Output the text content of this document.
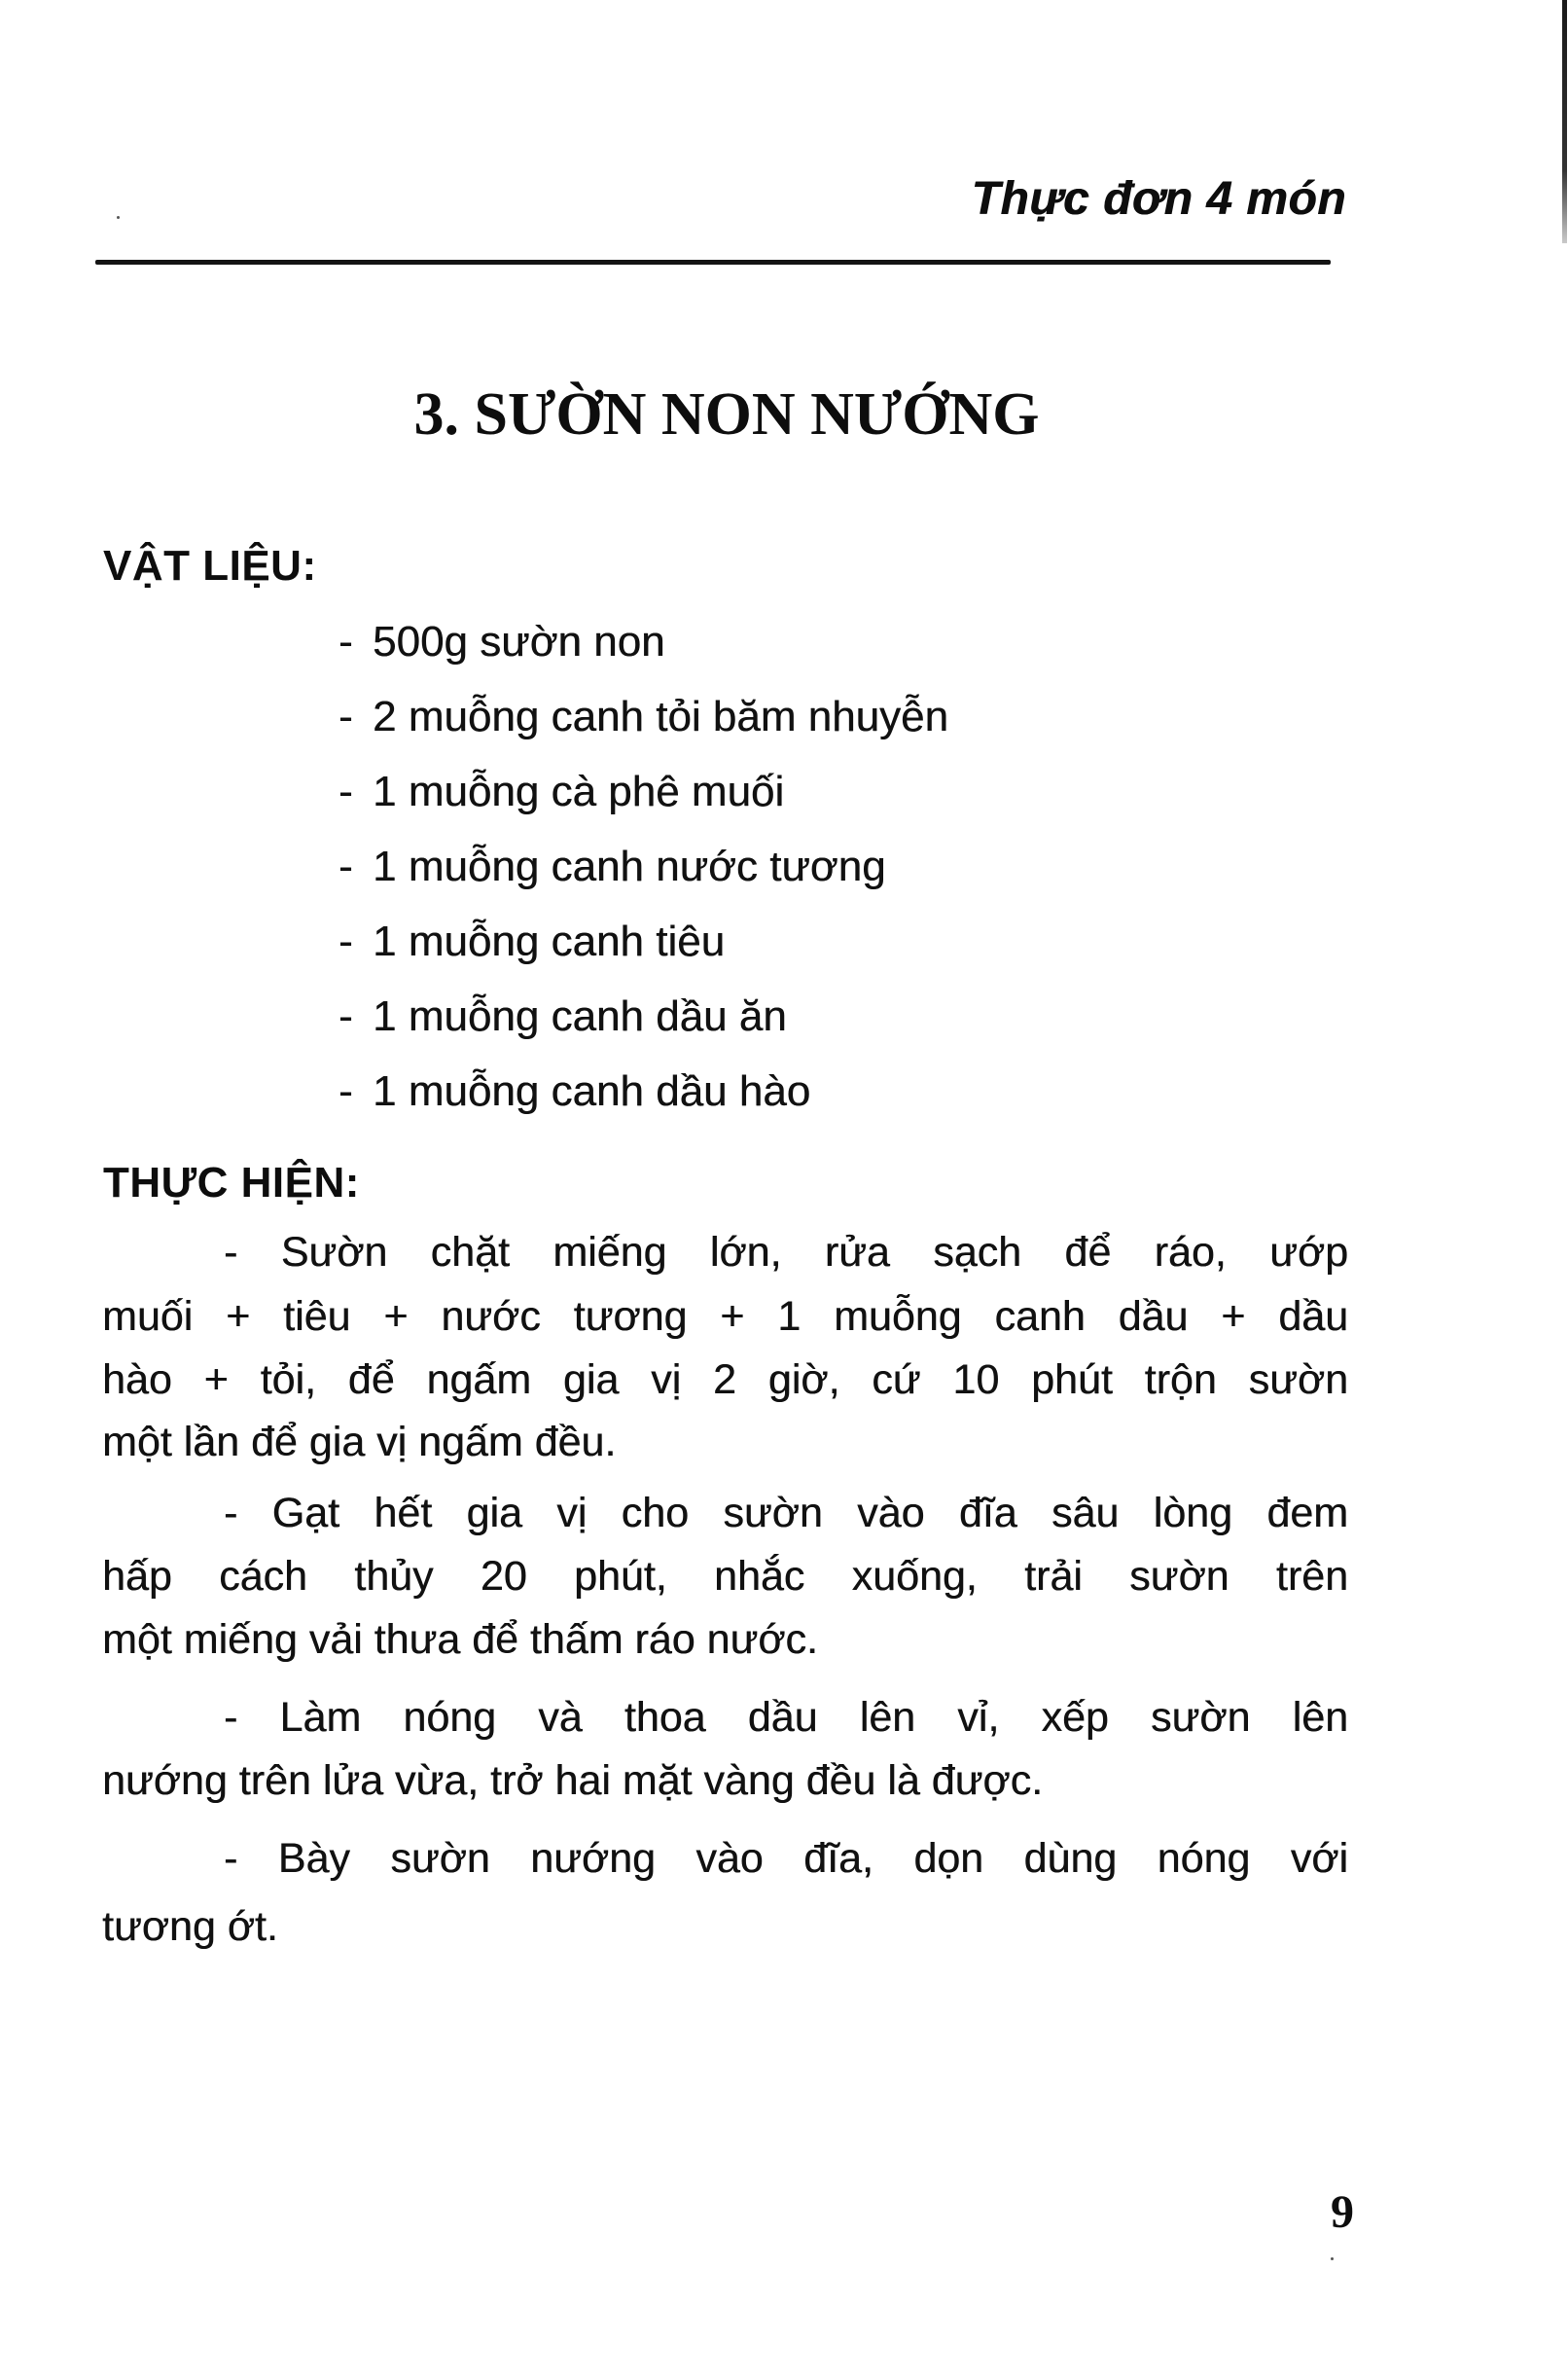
Thực đơn 4 món
3. SƯỜN NON NƯỚNG
VẬT LIỆU:
- 500g sườn non
- 2 muỗng canh tỏi băm nhuyễn
- 1 muỗng cà phê muối
- 1 muỗng canh nước tương
- 1 muỗng canh tiêu
- 1 muỗng canh dầu ăn
- 1 muỗng canh dầu hào
THỰC HIỆN:
- Sườn chặt miếng lớn, rửa sạch để ráo, ướp
muối + tiêu + nước tương + 1 muỗng canh dầu + dầu
hào + tỏi, để ngấm gia vị 2 giờ, cứ 10 phút trộn sườn
một lần để gia vị ngấm đều.
- Gạt hết gia vị cho sườn vào đĩa sâu lòng đem
hấp cách thủy 20 phút, nhắc xuống, trải sườn trên
một miếng vải thưa để thấm ráo nước.
- Làm nóng và thoa dầu lên vỉ, xếp sườn lên
nướng trên lửa vừa, trở hai mặt vàng đều là được.
- Bày sườn nướng vào đĩa, dọn dùng nóng với
tương ớt.
9
